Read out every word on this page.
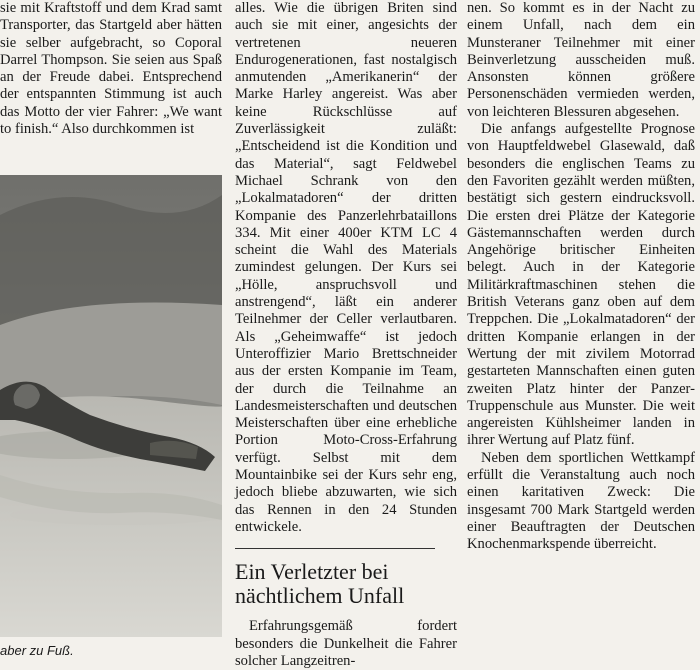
sie mit Kraftstoff und dem Krad samt Transporter, das Startgeld aber hätten sie selber aufgebracht, so Coporal Darrel Thompson. Sie seien aus Spaß an der Freude dabei. Entsprechend der entspannten Stimmung ist auch das Motto der vier Fahrer: „We want to finish.“ Also durchkommen ist

aber zu Fuß.

alles. Wie die übrigen Briten sind auch sie mit einer, angesichts der vertretenen neueren Endurogenerationen, fast nostalgisch anmutenden „Amerikanerin“ der Marke Harley angereist. Was aber keine Rückschlüsse auf Zuverlässigkeit zuläßt: „Entscheidend ist die Kondition und das Material“, sagt Feldwebel Michael Schrank von den „Lokalmatadoren“ der dritten Kompanie des Panzerlehrbataillons 334. Mit einer 400er KTM LC 4 scheint die Wahl des Materials zumindest gelungen. Der Kurs sei „Hölle, anspruchsvoll und anstrengend“, läßt ein anderer Teilnehmer der Celler verlautbaren. Als „Geheimwaffe“ ist jedoch Unteroffizier Mario Brettschneider aus der ersten Kompanie im Team, der durch die Teilnahme an Landesmeisterschaften und deutschen Meisterschaften über eine erhebliche Portion Moto-Cross-Erfahrung verfügt. Selbst mit dem Mountainbike sei der Kurs sehr eng, jedoch bliebe abzuwarten, wie sich das Rennen in den 24 Stunden entwickele.

Ein Verletzter bei nächtlichem Unfall

Erfahrungsgemäß fordert besonders die Dunkelheit die Fahrer solcher Langzeitren-

nen. So kommt es in der Nacht zu einem Unfall, nach dem ein Munsteraner Teilnehmer mit einer Beinverletzung ausscheiden muß. Ansonsten können größere Personenschäden vermieden werden, von leichteren Blessuren abgesehen.

Die anfangs aufgestellte Prognose von Hauptfeldwebel Glasewald, daß besonders die englischen Teams zu den Favoriten gezählt werden müßten, bestätigt sich gestern eindrucksvoll. Die ersten drei Plätze der Kategorie Gästemannschaften werden durch Angehörige britischer Einheiten belegt. Auch in der Kategorie Militärkraftmaschinen stehen die British Veterans ganz oben auf dem Treppchen. Die „Lokalmatadoren“ der dritten Kompanie erlangen in der Wertung der mit zivilem Motorrad gestarteten Mannschaften einen guten zweiten Platz hinter der Panzer-Truppenschule aus Munster. Die weit angereisten Kühlsheimer landen in ihrer Wertung auf Platz fünf.

Neben dem sportlichen Wettkampf erfüllt die Veranstaltung auch noch einen karitativen Zweck: Die insgesamt 700 Mark Startgeld werden einer Beauftragten der Deutschen Knochenmarkspende überreicht.
